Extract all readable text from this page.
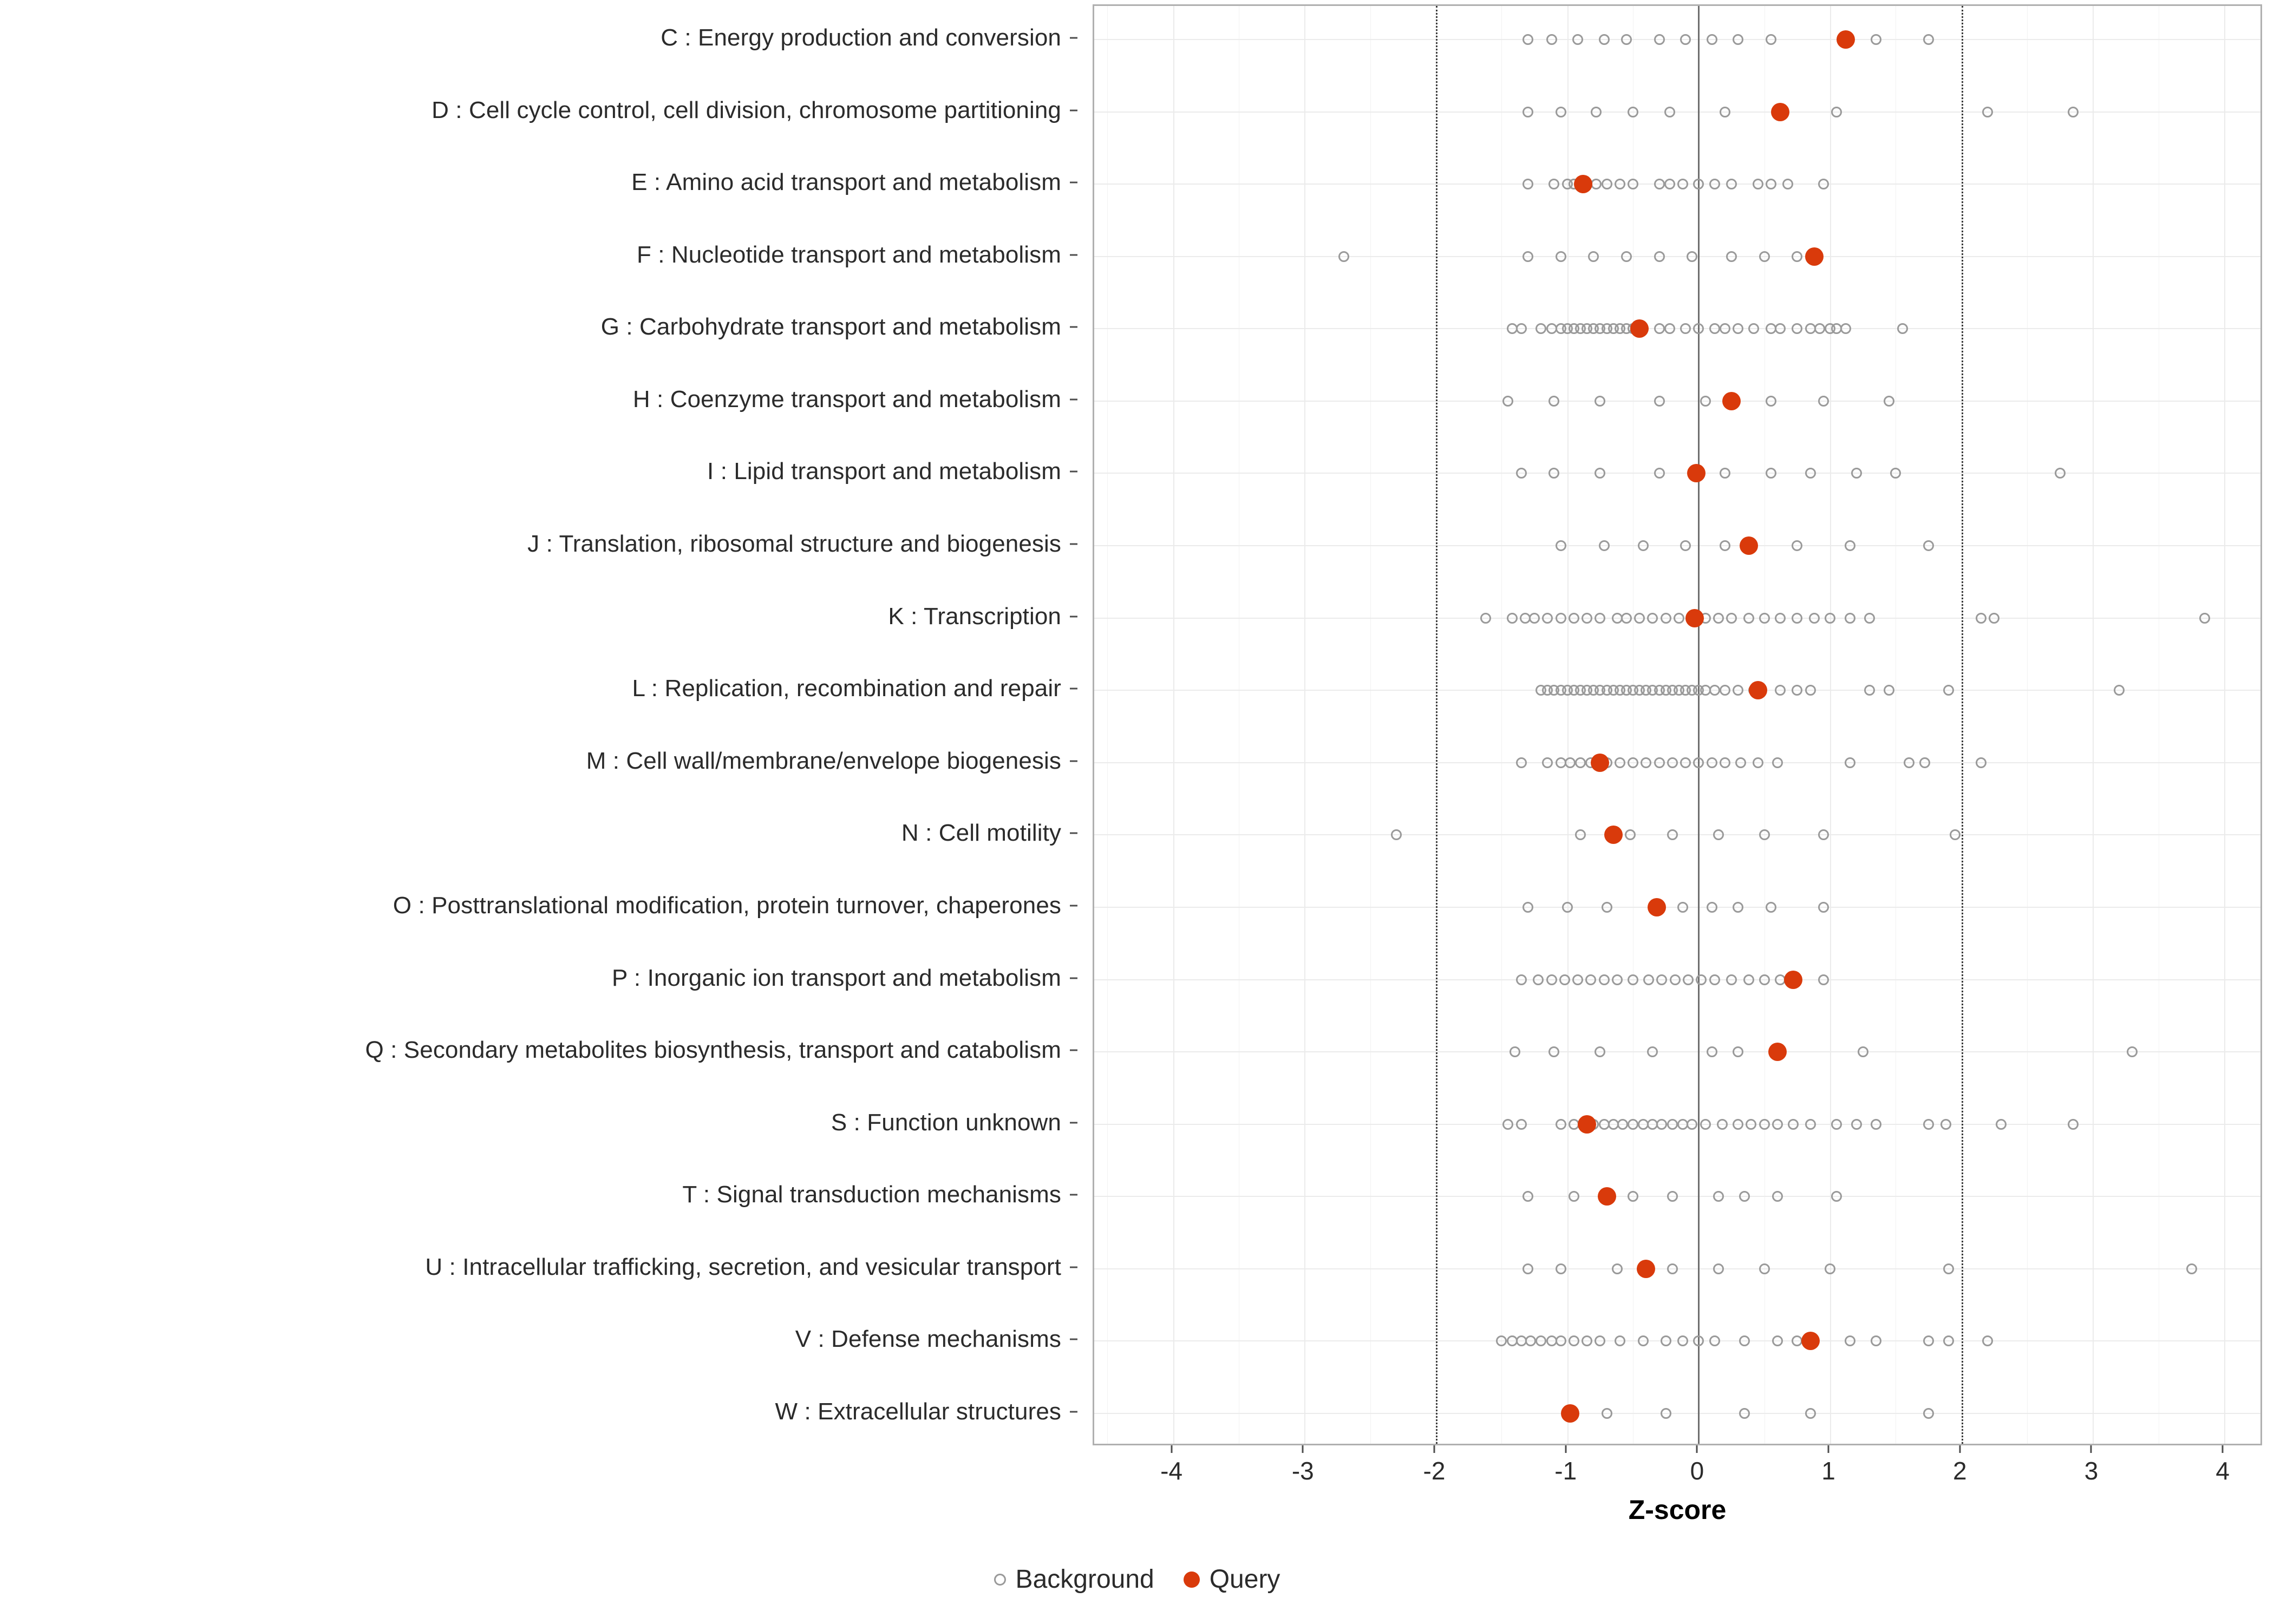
C : Energy production and conversion
D : Cell cycle control, cell division, chromosome partitioning
E : Amino acid transport and metabolism
F : Nucleotide transport and metabolism
G : Carbohydrate transport and metabolism
H : Coenzyme transport and metabolism
I : Lipid transport and metabolism
J : Translation, ribosomal structure and biogenesis
K : Transcription
L : Replication, recombination and repair
M : Cell wall/membrane/envelope biogenesis
N : Cell motility
O : Posttranslational modification, protein turnover, chaperones
P : Inorganic ion transport and metabolism
Q : Secondary metabolites biosynthesis, transport and catabolism
S : Function unknown
T : Signal transduction mechanisms
U : Intracellular trafficking, secretion, and vesicular transport
V : Defense mechanisms
W : Extracellular structures
-4	-3	-2	-1	0	1	2	3	4
Z-score
Background Query
